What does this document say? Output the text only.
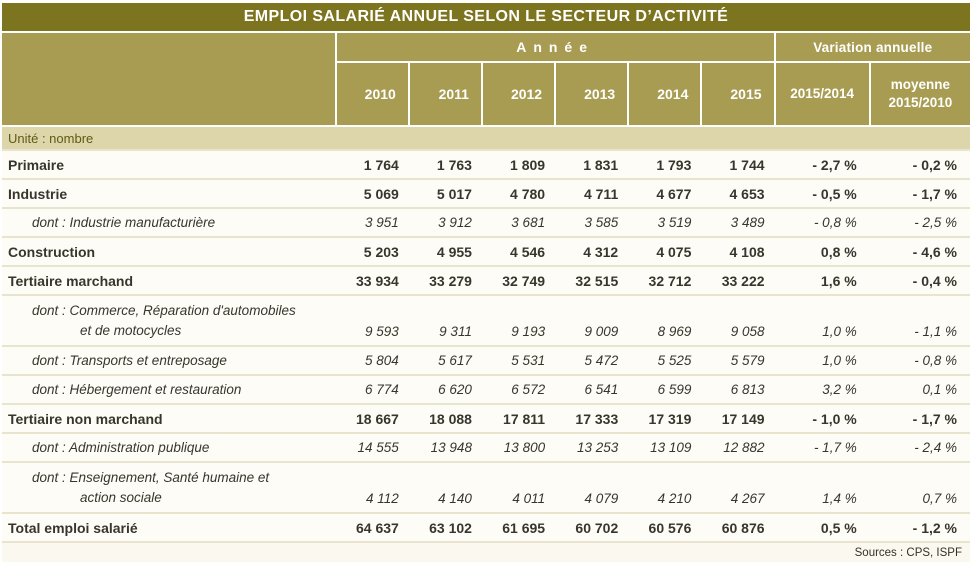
EMPLOI SALARIÉ ANNUEL SELON LE SECTEUR D’ACTIVITÉ
	Année						Variation annuelle	
	2010	2011	2012	2013	2014	2015	2015/2014	moyenne 2015/2010
Unité : nombre								
Primaire	1 764	1 763	1 809	1 831	1 793	1 744	- 2,7 %	- 0,2 %
Industrie	5 069	5 017	4 780	4 711	4 677	4 653	- 0,5 %	- 1,7 %
dont : Industrie manufacturière	3 951	3 912	3 681	3 585	3 519	3 489	- 0,8 %	- 2,5 %
Construction	5 203	4 955	4 546	4 312	4 075	4 108	0,8 %	- 4,6 %
Tertiaire marchand	33 934	33 279	32 749	32 515	32 712	33 222	1,6 %	- 0,4 %

dont : Commerce, Réparation d'automobiles
et de motocycles	9 593	9 311	9 193	9 009	8 969	9 058	1,0 %	- 1,1 %
dont : Transports et entreposage	5 804	5 617	5 531	5 472	5 525	5 579	1,0 %	- 0,8 %
dont : Hébergement et restauration	6 774	6 620	6 572	6 541	6 599	6 813	3,2 %	0,1 %
Tertiaire non marchand	18 667	18 088	17 811	17 333	17 319	17 149	- 1,0 %	- 1,7 %
dont : Administration publique	14 555	13 948	13 800	13 253	13 109	12 882	- 1,7 %	- 2,4 %

dont : Enseignement, Santé humaine et
action sociale	4 112	4 140	4 011	4 079	4 210	4 267	1,4 %	0,7 %
Total emploi salarié	64 637	63 102	61 695	60 702	60 576	60 876	0,5 %	- 1,2 %
Sources : CPS, ISPF								
